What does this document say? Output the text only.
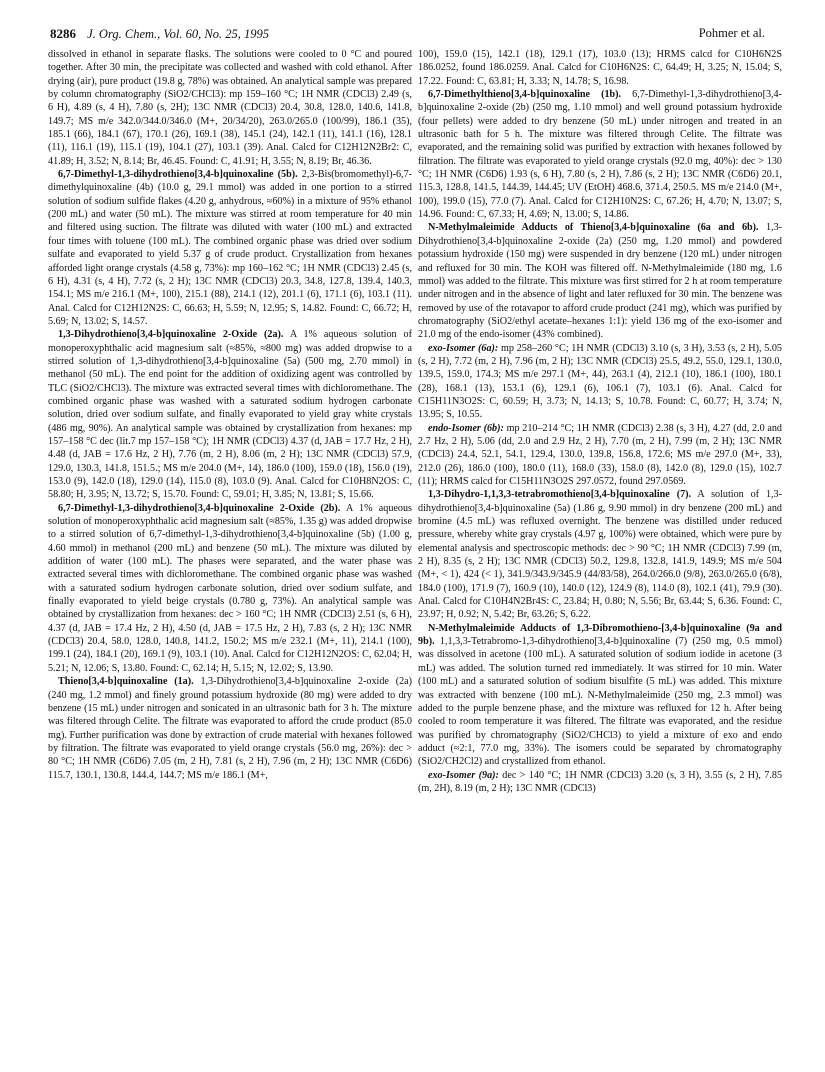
8286 J. Org. Chem., Vol. 60, No. 25, 1995	Pohmer et al.

dissolved in ethanol in separate flasks. The solutions were cooled to 0 °C and poured together. After 30 min, the precipitate was collected and washed with cold ethanol. After drying (air), pure product (19.8 g, 78%) was obtained. An analytical sample was prepared by column chromatography (SiO2/CHCl3): mp 159–160 °C; 1H NMR (CDCl3) 2.49 (s, 6 H), 4.89 (s, 4 H), 7.80 (s, 2H); 13C NMR (CDCl3) 20.4, 30.8, 128.0, 140.6, 141.8, 149.7; MS m/e 342.0/344.0/346.0 (M+, 20/34/20), 263.0/265.0 (100/99), 186.1 (35), 185.1 (66), 184.1 (67), 170.1 (26), 169.1 (38), 145.1 (24), 142.1 (11), 141.1 (16), 128.1 (11), 116.1 (19), 115.1 (19), 104.1 (27), 103.1 (39). Anal. Calcd for C12H12N2Br2: C, 41.89; H, 3.52; N, 8.14; Br, 46.45. Found: C, 41.91; H, 3.55; N, 8.19; Br, 46.36.

6,7-Dimethyl-1,3-dihydrothieno[3,4-b]quinoxaline (5b). 2,3-Bis(bromomethyl)-6,7-dimethylquinoxaline (4b) (10.0 g, 29.1 mmol) was added in one portion to a stirred solution of sodium sulfide flakes (4.20 g, anhydrous, ≈60%) in a mixture of 95% ethanol (200 mL) and water (50 mL). The mixture was stirred at room temperature for 40 min and filtered using suction. The filtrate was diluted with water (100 mL) and extracted four times with toluene (100 mL). The combined organic phase was dried over sodium sulfate and evaporated to yield 5.37 g of crude product. Crystallization from hexanes afforded light orange crystals (4.58 g, 73%): mp 160–162 °C; 1H NMR (CDCl3) 2.45 (s, 6 H), 4.31 (s, 4 H), 7.72 (s, 2 H); 13C NMR (CDCl3) 20.3, 34.8, 127.8, 139.4, 140.3, 154.1; MS m/e 216.1 (M+, 100), 215.1 (88), 214.1 (12), 201.1 (6), 171.1 (6), 103.1 (11). Anal. Calcd for C12H12N2S: C, 66.63; H, 5.59; N, 12.95; S, 14.82. Found: C, 66.72; H, 5.69; N, 13.02; S, 14.57.

1,3-Dihydrothieno[3,4-b]quinoxaline 2-Oxide (2a). A 1% aqueous solution of monoperoxyphthalic acid magnesium salt (≈85%, ≈800 mg) was added dropwise to a stirred solution of 1,3-dihydrothieno[3,4-b]quinoxaline (5a) (500 mg, 2.70 mmol) in methanol (50 mL). The end point for the addition of oxidizing agent was controlled by TLC (SiO2/CHCl3). The mixture was extracted several times with dichloromethane. The combined organic phase was washed with a saturated sodium hydrogen carbonate solution, dried over sodium sulfate, and finally evaporated to yield gray white crystals (486 mg, 90%). An analytical sample was obtained by crystallization from hexanes: mp 157–158 °C dec (lit.7 mp 157–158 °C); 1H NMR (CDCl3) 4.37 (d, JAB = 17.7 Hz, 2 H), 4.48 (d, JAB = 17.6 Hz, 2 H), 7.76 (m, 2 H), 8.06 (m, 2 H); 13C NMR (CDCl3) 57.9, 129.0, 130.3, 141.8, 151.5.; MS m/e 204.0 (M+, 14), 186.0 (100), 159.0 (18), 156.0 (19), 153.0 (9), 142.0 (18), 129.0 (14), 115.0 (8), 103.0 (9). Anal. Calcd for C10H8N2OS: C, 58.80; H, 3.95; N, 13.72; S, 15.70. Found: C, 59.01; H, 3.85; N, 13.81; S, 15.66.

6,7-Dimethyl-1,3-dihydrothieno[3,4-b]quinoxaline 2-Oxide (2b). A 1% aqueous solution of monoperoxyphthalic acid magnesium salt (≈85%, 1.35 g) was added dropwise to a stirred solution of 6,7-dimethyl-1,3-dihydrothieno[3,4-b]quinoxaline (5b) (1.00 g, 4.60 mmol) in methanol (200 mL) and benzene (50 mL). The mixture was diluted by addition of water (100 mL). The phases were separated, and the water phase was extracted several times with dichloromethane. The combined organic phase was washed with a saturated sodium hydrogen carbonate solution, dried over sodium sulfate, and finally evaporated to yield beige crystals (0.780 g, 73%). An analytical sample was obtained by crystallization from hexanes: dec > 160 °C; 1H NMR (CDCl3) 2.51 (s, 6 H), 4.37 (d, JAB = 17.4 Hz, 2 H), 4.50 (d, JAB = 17.5 Hz, 2 H), 7.83 (s, 2 H); 13C NMR (CDCl3) 20.4, 58.0, 128.0, 140.8, 141.2, 150.2; MS m/e 232.1 (M+, 11), 214.1 (100), 199.1 (24), 184.1 (20), 169.1 (9), 103.1 (10). Anal. Calcd for C12H12N2OS: C, 62.04; H, 5.21; N, 12.06; S, 13.80. Found: C, 62.14; H, 5.15; N, 12.02; S, 13.90.

Thieno[3,4-b]quinoxaline (1a). 1,3-Dihydrothieno[3,4-b]quinoxaline 2-oxide (2a) (240 mg, 1.2 mmol) and finely ground potassium hydroxide (80 mg) were added to dry benzene (15 mL) under nitrogen and sonicated in an ultrasonic bath for 3 h. The mixture was filtered through Celite. The filtrate was evaporated to afford the crude product (85.0 mg). Further purification was done by extraction of crude material with hexanes followed by filtration. The filtrate was evaporated to yield orange crystals (56.0 mg, 26%): dec > 80 °C; 1H NMR (C6D6) 7.05 (m, 2 H), 7.81 (s, 2 H), 7.96 (m, 2 H); 13C NMR (C6D6) 115.7, 130.1, 130.8, 144.4, 144.7; MS m/e 186.1 (M+,

100), 159.0 (15), 142.1 (18), 129.1 (17), 103.0 (13); HRMS calcd for C10H6N2S 186.0252, found 186.0259. Anal. Calcd for C10H6N2S: C, 64.49; H, 3.25; N, 15.04; S, 17.22. Found: C, 63.81; H, 3.33; N, 14.78; S, 16.98.

6,7-Dimethylthieno[3,4-b]quinoxaline (1b). 6,7-Dimethyl-1,3-dihydrothieno[3,4-b]quinoxaline 2-oxide (2b) (250 mg, 1.10 mmol) and well ground potassium hydroxide (four pellets) were added to dry benzene (50 mL) under nitrogen and treated in an ultrasonic bath for 5 h. The mixture was filtered through Celite. The filtrate was evaporated, and the remaining solid was purified by extraction with hexanes followed by filtration. The filtrate was evaporated to yield orange crystals (92.0 mg, 40%): dec > 130 °C; 1H NMR (C6D6) 1.93 (s, 6 H), 7.80 (s, 2 H), 7.86 (s, 2 H); 13C NMR (C6D6) 20.1, 115.3, 128.8, 141.5, 144.39, 144.45; UV (EtOH) 468.6, 371.4, 250.5. MS m/e 214.0 (M+, 100), 199.0 (15), 77.0 (7). Anal. Calcd for C12H10N2S: C, 67.26; H, 4.70; N, 13.07; S, 14.96. Found: C, 67.33; H, 4.69; N, 13.00; S, 14.86.

N-Methylmaleimide Adducts of Thieno[3,4-b]quinoxaline (6a and 6b). 1,3-Dihydrothieno[3,4-b]quinoxaline 2-oxide (2a) (250 mg, 1.20 mmol) and powdered potassium hydroxide (150 mg) were suspended in dry benzene (120 mL) under nitrogen and refluxed for 30 min. The KOH was filtered off. N-Methylmaleimide (180 mg, 1.6 mmol) was added to the filtrate. This mixture was first stirred for 2 h at room temperature under nitrogen and in the absence of light and later refluxed for 30 min. The benzene was removed by use of the rotavapor to afford crude product (241 mg), which was purified by chromatography (SiO2/ethyl acetate–hexanes 1:1): yield 136 mg of the exo-isomer and 21.0 mg of the endo-isomer (43% combined).

exo-Isomer (6a): mp 258–260 °C; 1H NMR (CDCl3) 3.10 (s, 3 H), 3.53 (s, 2 H), 5.05 (s, 2 H), 7.72 (m, 2 H), 7.96 (m, 2 H); 13C NMR (CDCl3) 25.5, 49.2, 55.0, 129.1, 130.0, 139.5, 159.0, 174.3; MS m/e 297.1 (M+, 44), 263.1 (4), 212.1 (10), 186.1 (100), 180.1 (28), 168.1 (13), 153.1 (6), 129.1 (6), 106.1 (7), 103.1 (6). Anal. Calcd for C15H11N3O2S: C, 60.59; H, 3.73; N, 14.13; S, 10.78. Found: C, 60.77; H, 3.74; N, 13.95; S, 10.55.

endo-Isomer (6b): mp 210–214 °C; 1H NMR (CDCl3) 2.38 (s, 3 H), 4.27 (dd, 2.0 and 2.7 Hz, 2 H), 5.06 (dd, 2.0 and 2.9 Hz, 2 H), 7.70 (m, 2 H), 7.99 (m, 2 H); 13C NMR (CDCl3) 24.4, 52.1, 54.1, 129.4, 130.0, 139.8, 156.8, 172.6; MS m/e 297.0 (M+, 33), 212.0 (26), 186.0 (100), 180.0 (11), 168.0 (33), 158.0 (8), 142.0 (8), 129.0 (15), 102.7 (11); HRMS calcd for C15H11N3O2S 297.0572, found 297.0569.

1,3-Dihydro-1,1,3,3-tetrabromothieno[3,4-b]quinoxaline (7). A solution of 1,3-dihydrothieno[3,4-b]quinoxaline (5a) (1.86 g, 9.90 mmol) in dry benzene (200 mL) and bromine (4.5 mL) was refluxed overnight. The benzene was distilled under reduced pressure, whereby white gray crystals (4.97 g, 100%) were obtained, which were pure by elemental analysis and spectroscopic methods: dec > 90 °C; 1H NMR (CDCl3) 7.99 (m, 2 H), 8.35 (s, 2 H); 13C NMR (CDCl3) 50.2, 129.8, 132.8, 141.9, 149.9; MS m/e 504 (M+, < 1), 424 (< 1), 341.9/343.9/345.9 (44/83/58), 264.0/266.0 (9/8), 263.0/265.0 (6/8), 184.0 (100), 171.9 (7), 160.9 (10), 140.0 (12), 124.9 (8), 114.0 (8), 102.1 (41), 79.9 (30). Anal. Calcd for C10H4N2Br4S: C, 23.84; H, 0.80; N, 5.56; Br, 63.44; S, 6.36. Found: C, 23.97; H, 0.92; N, 5.42; Br, 63.26; S, 6.22.

N-Methylmaleimide Adducts of 1,3-Dibromothieno-[3,4-b]quinoxaline (9a and 9b). 1,1,3,3-Tetrabromo-1,3-dihydrothieno[3,4-b]quinoxaline (7) (250 mg, 0.5 mmol) was dissolved in acetone (100 mL). A saturated solution of sodium iodide in acetone (3 mL) was added. The solution turned red immediately. It was stirred for 10 min. Water (100 mL) and a saturated solution of sodium bisulfite (5 mL) was added. This mixture was extracted with benzene (100 mL). N-Methylmaleimide (250 mg, 2.3 mmol) was added to the purple benzene phase, and the mixture was refluxed for 12 h. After being cooled to room temperature it was filtered. The filtrate was evaporated, and the residue was purified by chromatography (SiO2/CHCl3) to yield a mixture of exo and endo adduct (≈2:1, 77.0 mg, 33%). The isomers could be separated by chromatography (SiO2/CH2Cl2) and crystallized from ethanol.

exo-Isomer (9a): dec > 140 °C; 1H NMR (CDCl3) 3.20 (s, 3 H), 3.55 (s, 2 H), 7.85 (m, 2H), 8.19 (m, 2 H); 13C NMR (CDCl3)
